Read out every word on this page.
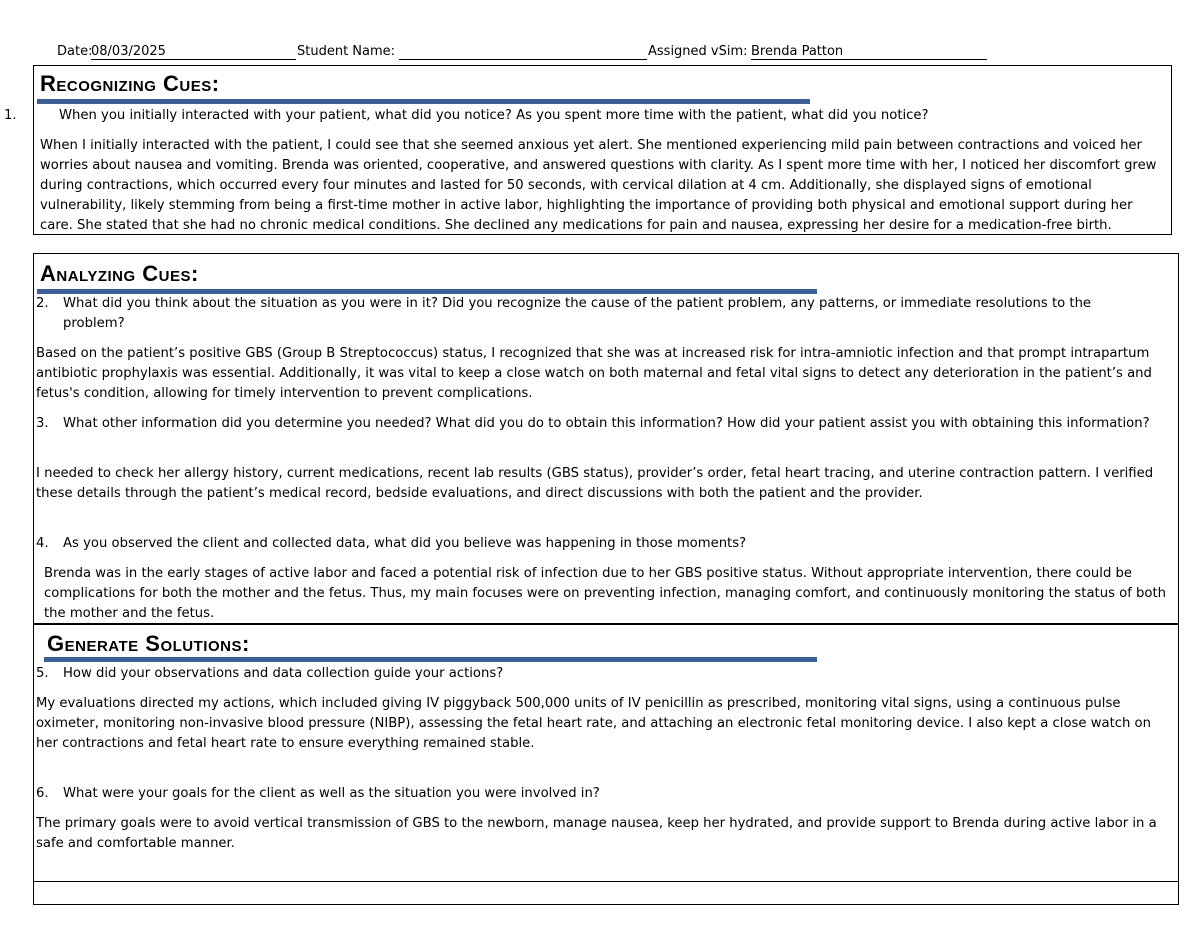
Date:
08/03/2025	Student Name:	Assigned vSim: Brenda Patton
Recognizing Cues:
1.	When you initially interacted with your patient, what did you notice? As you spent more time with the patient, what did you notice?
When I initially interacted with the patient, I could see that she seemed anxious yet alert. She mentioned experiencing mild pain between contractions and voiced her worries about nausea and vomiting. Brenda was oriented, cooperative, and answered questions with clarity. As I spent more time with her, I noticed her discomfort grew during contractions, which occurred every four minutes and lasted for 50 seconds, with cervical dilation at 4 cm. Additionally, she displayed signs of emotional vulnerability, likely stemming from being a first-time mother in active labor, highlighting the importance of providing both physical and emotional support during her care. She stated that she had no chronic medical conditions. She declined any medications for pain and nausea, expressing her desire for a medication-free birth.
Analyzing Cues:
2. What did you think about the situation as you were in it? Did you recognize the cause of the patient problem, any patterns, or immediate resolutions to the problem?
Based on the patient’s positive GBS (Group B Streptococcus) status, I recognized that she was at increased risk for intra-amniotic infection and that prompt intrapartum antibiotic prophylaxis was essential. Additionally, it was vital to keep a close watch on both maternal and fetal vital signs to detect any deterioration in the patient’s and fetus's condition, allowing for timely intervention to prevent complications.
3. What other information did you determine you needed? What did you do to obtain this information? How did your patient assist you with obtaining this information?
I needed to check her allergy history, current medications, recent lab results (GBS status), provider’s order, fetal heart tracing, and uterine contraction pattern. I verified these details through the patient’s medical record, bedside evaluations, and direct discussions with both the patient and the provider.
4. As you observed the client and collected data, what did you believe was happening in those moments?
Brenda was in the early stages of active labor and faced a potential risk of infection due to her GBS positive status. Without appropriate intervention, there could be complications for both the mother and the fetus. Thus, my main focuses were on preventing infection, managing comfort, and continuously monitoring the status of both the mother and the fetus.
Generate Solutions:
5. How did your observations and data collection guide your actions?
My evaluations directed my actions, which included giving IV piggyback 500,000 units of IV penicillin as prescribed, monitoring vital signs, using a continuous pulse oximeter, monitoring non-invasive blood pressure (NIBP), assessing the fetal heart rate, and attaching an electronic fetal monitoring device. I also kept a close watch on her contractions and fetal heart rate to ensure everything remained stable.
6. What were your goals for the client as well as the situation you were involved in?
The primary goals were to avoid vertical transmission of GBS to the newborn, manage nausea, keep her hydrated, and provide support to Brenda during active labor in a safe and comfortable manner.
